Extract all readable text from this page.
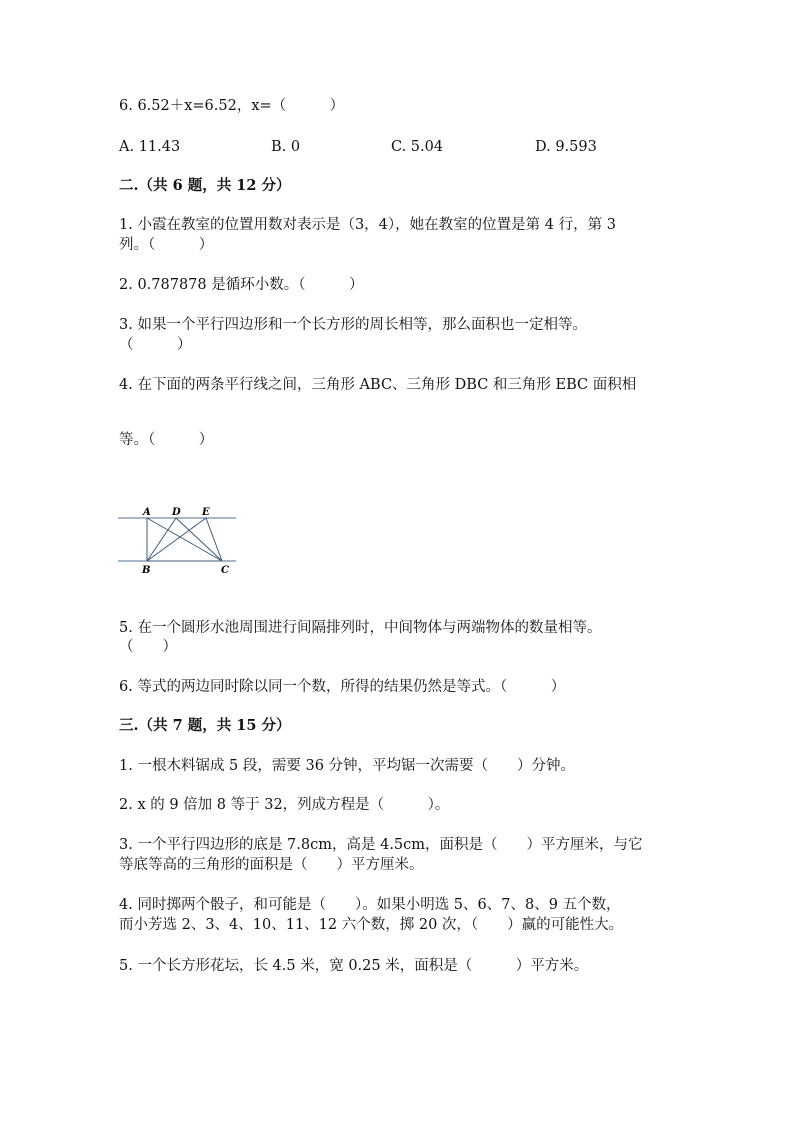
6. 6.52＋x=6.52，x=（　　　）
A. 11.43	B. 0	C. 5.04	D. 9.593
二.（共 6 题，共 12 分）
1. 小霞在教室的位置用数对表示是（3，4），她在教室的位置是第 4 行，第 3
列。（　　　）
2. 0.787878 是循环小数。（　　　）
3. 如果一个平行四边形和一个长方形的周长相等，那么面积也一定相等。
（　　　）
4. 在下面的两条平行线之间，三角形 ABC、三角形 DBC 和三角形 EBC 面积相
等。（　　　）
A D E
B	C
5. 在一个圆形水池周围进行间隔排列时，中间物体与两端物体的数量相等。
（　　）
6. 等式的两边同时除以同一个数，所得的结果仍然是等式。（　　　）
三.（共 7 题，共 15 分）
1. 一根木料锯成 5 段，需要 36 分钟，平均锯一次需要（　　）分钟。
2. x 的 9 倍加 8 等于 32，列成方程是（　　　）。
3. 一个平行四边形的底是 7.8cm，高是 4.5cm，面积是（　　）平方厘米，与它
等底等高的三角形的面积是（　　）平方厘米。
4. 同时掷两个骰子，和可能是（　　）。如果小明选 5、6、7、8、9 五个数，
而小芳选 2、3、4、10、11、12 六个数，掷 20 次，（　　）赢的可能性大。
5. 一个长方形花坛，长 4.5 米，宽 0.25 米，面积是（　　　）平方米。
